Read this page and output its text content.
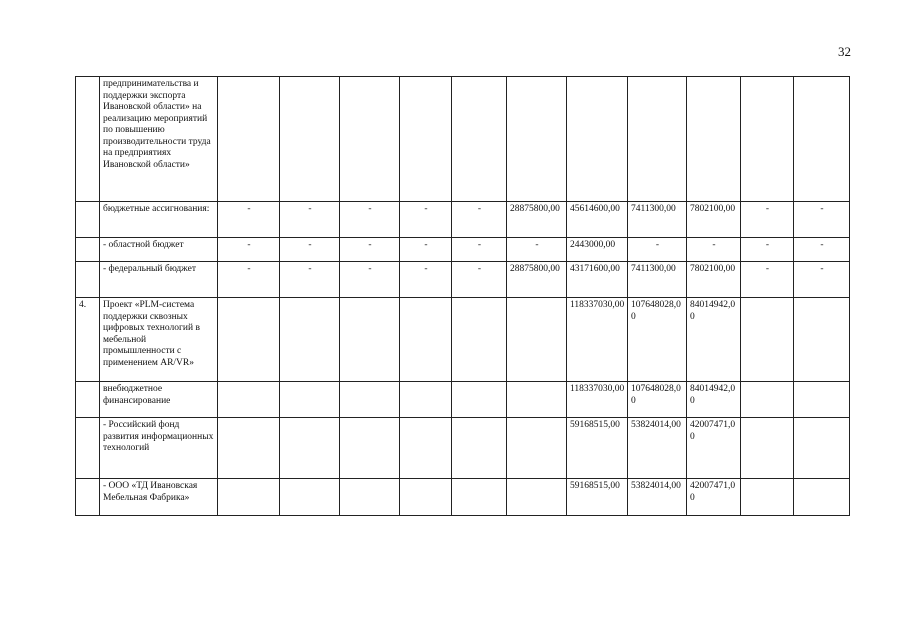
32
	предпринимательства и поддержки экспорта Ивановской области» на реализацию мероприятий по повышению производительности труда на предприятиях Ивановской области»											
	бюджетные ассигнования:	-	-	-	-	-	28875800,00	45614600,00	7411300,00	7802100,00	-	-
	- областной бюджет	-	-	-	-	-	-	2443000,00	-	-	-	-
	- федеральный бюджет	-	-	-	-	-	28875800,00	43171600,00	7411300,00	7802100,00	-	-
4.	Проект «PLM-система поддержки сквозных цифровых технологий в мебельной промышленности с применением AR/VR»							118337030,00	107648028,00	84014942,00		
	внебюджетное финансирование							118337030,00	107648028,00	84014942,00		
	- Российский фонд развития информационных технологий							59168515,00	53824014,00	42007471,00		
	- ООО «ТД Ивановская Мебельная Фабрика»							59168515,00	53824014,00	42007471,00		
